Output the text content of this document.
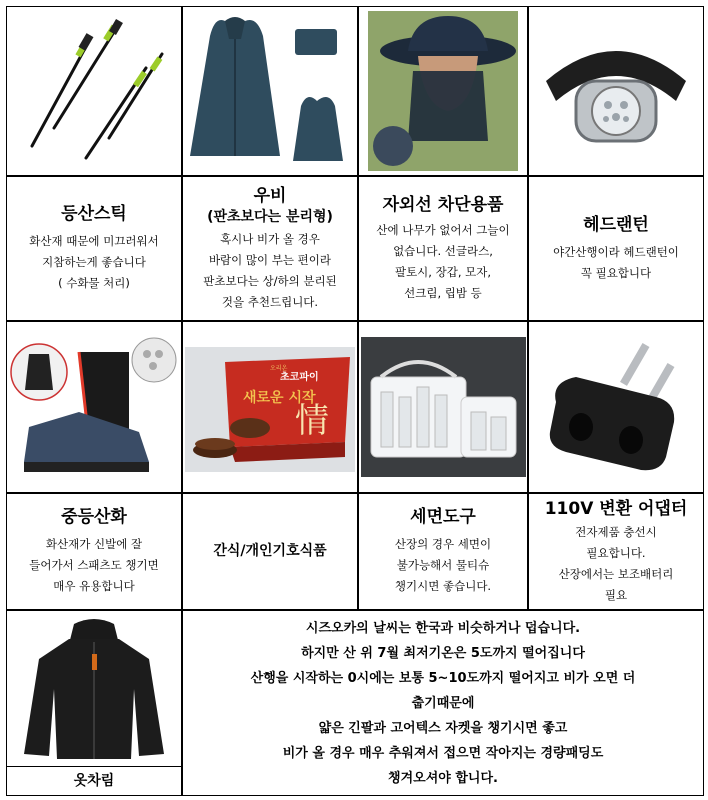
등산스틱
화산재 때문에 미끄러워서
지참하는게 좋습니다
( 수화물 처리)
우비
(판초보다는 분리형)
혹시나 비가 올 경우
바람이 많이 부는 편이라
판초보다는 상/하의 분리된
것을 추천드립니다.
자외선 차단용품
산에 나무가 없어서 그늘이
없습니다. 선글라스,
팔토시, 장갑, 모자,
선크림, 립밤 등
헤드랜턴
야간산행이라 헤드랜턴이
꼭 필요합니다
오리온
새로운 시작
초코파이
情
중등산화
화산재가 신발에 잘
들어가서 스패츠도 챙기면
매우 유용합니다
간식/개인기호식품
세면도구
산장의 경우 세면이
불가능해서 물티슈
챙기시면 좋습니다.
110V 변환 어댑터
전자제품 충선시
필요합니다.
산장에서는 보조배터리
필요
옷차림
시즈오카의 날씨는 한국과 비슷하거나 덥습니다.
하지만 산 위 7월 최저기온은 5도까지 떨어집니다
산행을 시작하는 0시에는 보통 5~10도까지 떨어지고 비가 오면 더
춥기때문에
얇은 긴팔과 고어텍스 자켓을 챙기시면 좋고
비가 올 경우 매우 추워져서 접으면 작아지는 경량패딩도
챙겨오셔야 합니다.
